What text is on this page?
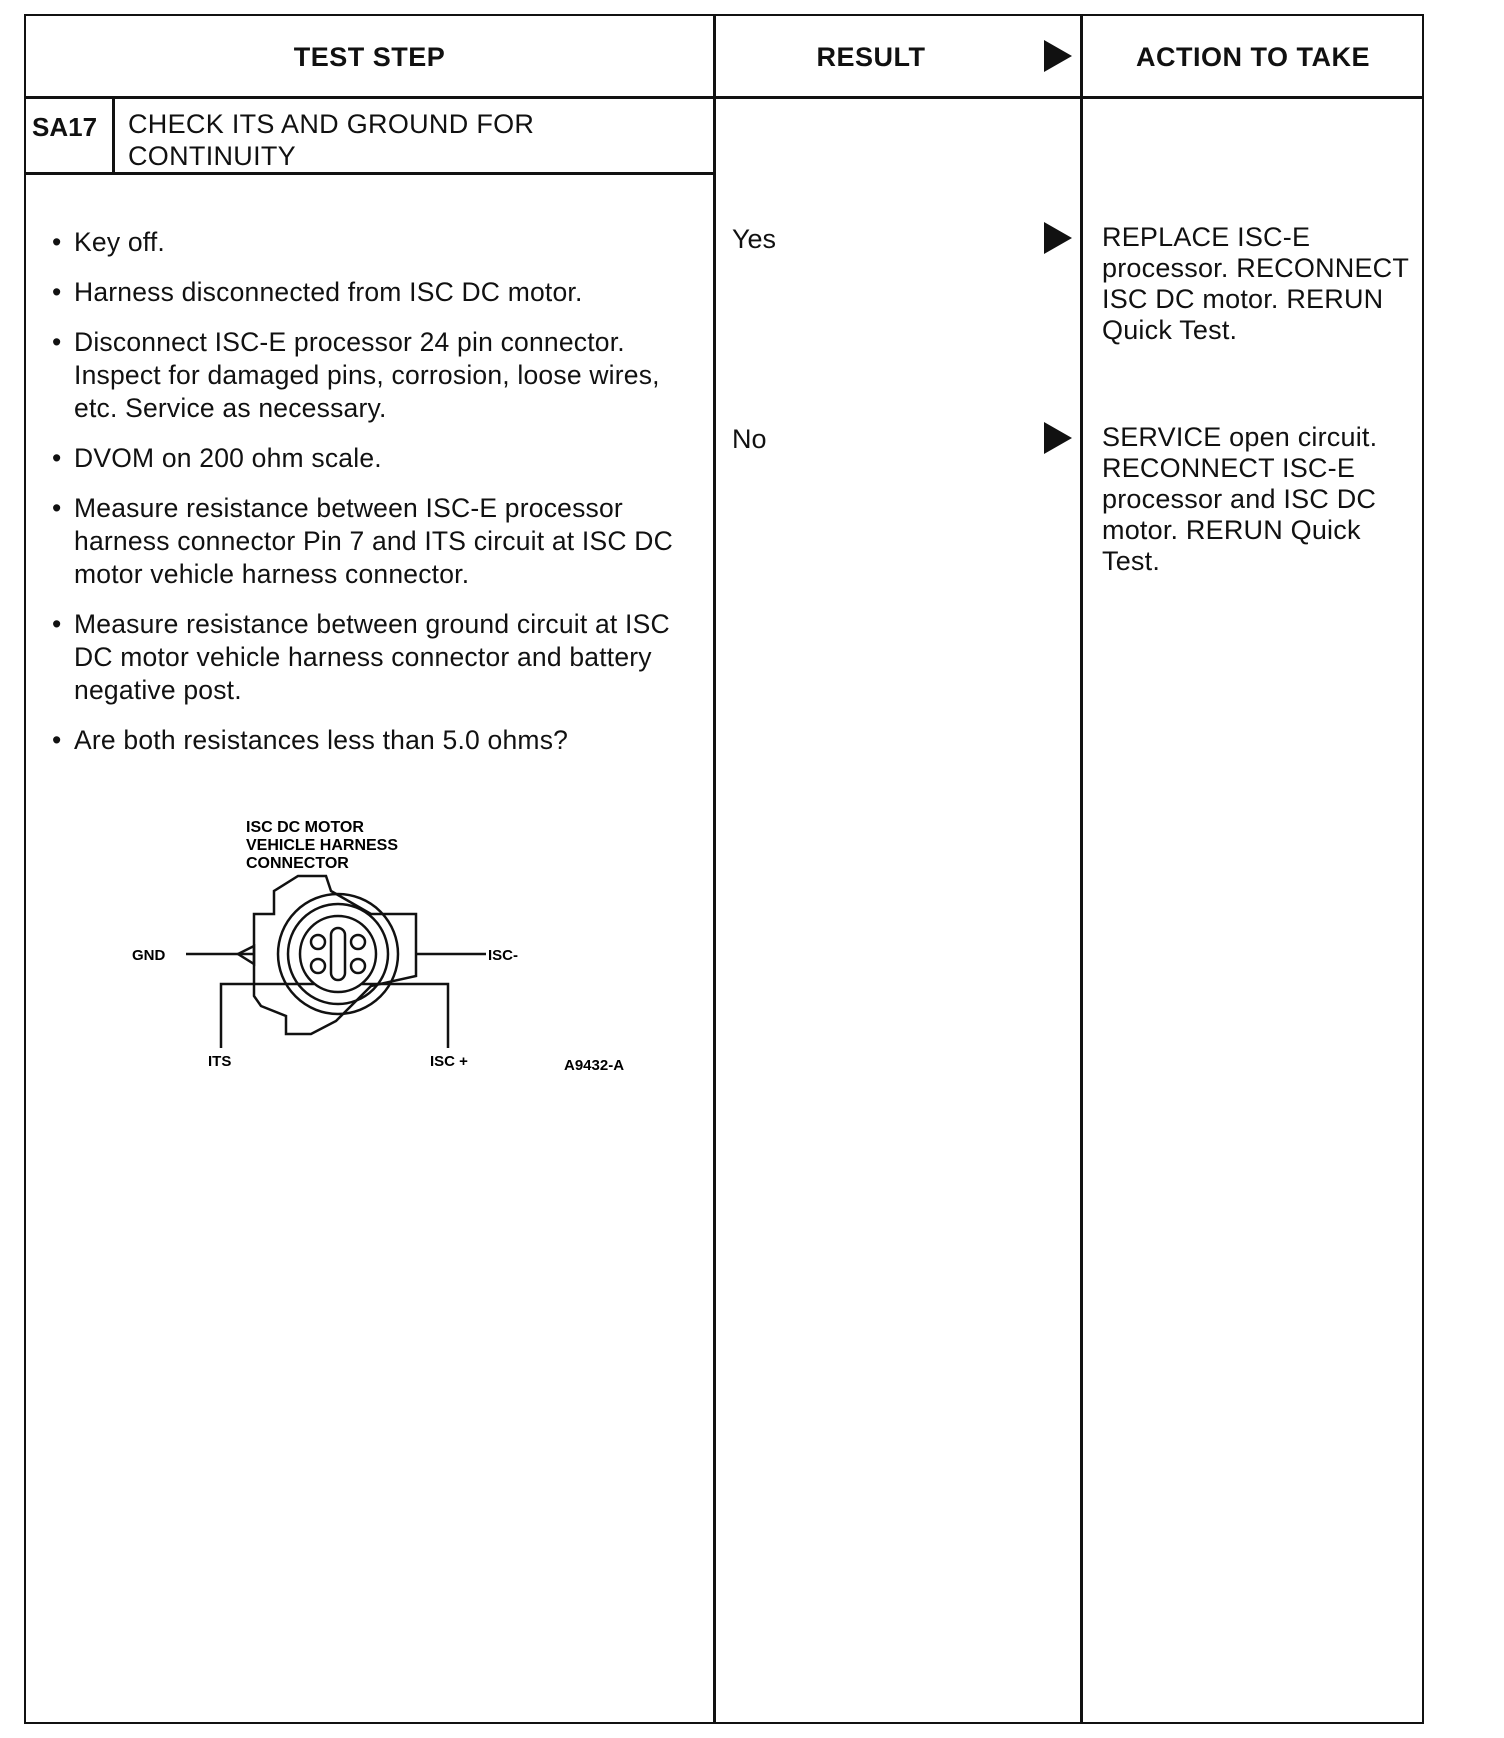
TEST STEP	RESULT	ACTION TO TAKE
SA17 CHECK ITS AND GROUND FOR CONTINUITY
• Key off.
• Harness disconnected from ISC DC motor.
• Disconnect ISC-E processor 24 pin connector. Inspect for damaged pins, corrosion, loose wires, etc. Service as necessary.
• DVOM on 200 ohm scale.
• Measure resistance between ISC-E processor harness connector Pin 7 and ITS circuit at ISC DC motor vehicle harness connector.
• Measure resistance between ground circuit at ISC DC motor vehicle harness connector and battery negative post.
• Are both resistances less than 5.0 ohms?
Yes	REPLACE ISC-E processor. RECONNECT ISC DC motor. RERUN Quick Test.
No	SERVICE open circuit. RECONNECT ISC-E processor and ISC DC motor. RERUN Quick Test.
ISC DC MOTOR
VEHICLE HARNESS
CONNECTOR
GND	ISC-
ITS	ISC +	A9432-A
